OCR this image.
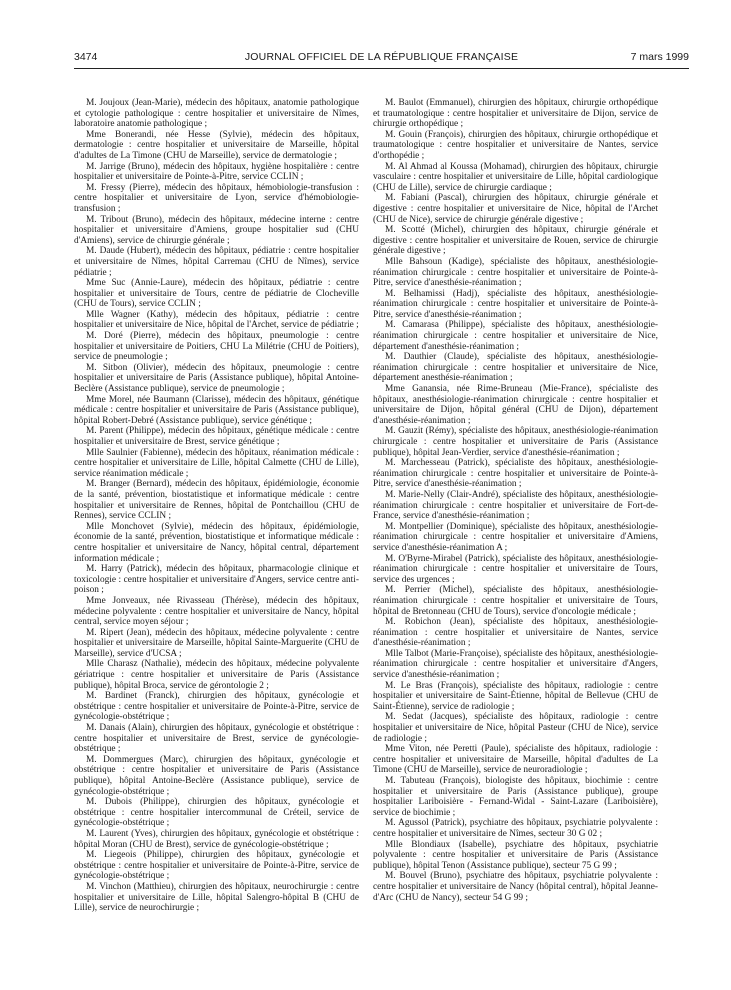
3474	JOURNAL OFFICIEL DE LA RÉPUBLIQUE FRANÇAISE	7 mars 1999

M. Joujoux (Jean-Marie), médecin des hôpitaux, anatomie pathologique et cytologie pathologique : centre hospitalier et universitaire de Nîmes, laboratoire anatomie pathologique ;

Mme Bonerandi, née Hesse (Sylvie), médecin des hôpitaux, dermatologie : centre hospitalier et universitaire de Marseille, hôpital d'adultes de La Timone (CHU de Marseille), service de dermatologie ;

M. Jarrige (Bruno), médecin des hôpitaux, hygiène hospitalière : centre hospitalier et universitaire de Pointe-à-Pitre, service CCLIN ;

M. Fressy (Pierre), médecin des hôpitaux, hémobiologie-transfusion : centre hospitalier et universitaire de Lyon, service d'hémobiologie-transfusion ;

M. Tribout (Bruno), médecin des hôpitaux, médecine interne : centre hospitalier et universitaire d'Amiens, groupe hospitalier sud (CHU d'Amiens), service de chirurgie générale ;

M. Daude (Hubert), médecin des hôpitaux, pédiatrie : centre hospitalier et universitaire de Nîmes, hôpital Carremau (CHU de Nîmes), service pédiatrie ;

Mme Suc (Annie-Laure), médecin des hôpitaux, pédiatrie : centre hospitalier et universitaire de Tours, centre de pédiatrie de Clocheville (CHU de Tours), service CCLIN ;

Mlle Wagner (Kathy), médecin des hôpitaux, pédiatrie : centre hospitalier et universitaire de Nice, hôpital de l'Archet, service de pédiatrie ;

M. Doré (Pierre), médecin des hôpitaux, pneumologie : centre hospitalier et universitaire de Poitiers, CHU La Milétrie (CHU de Poitiers), service de pneumologie ;

M. Sitbon (Olivier), médecin des hôpitaux, pneumologie : centre hospitalier et universitaire de Paris (Assistance publique), hôpital Antoine-Beclère (Assistance publique), service de pneumologie ;

Mme Morel, née Baumann (Clarisse), médecin des hôpitaux, génétique médicale : centre hospitalier et universitaire de Paris (Assistance publique), hôpital Robert-Debré (Assistance publique), service génétique ;

M. Parent (Philippe), médecin des hôpitaux, génétique médicale : centre hospitalier et universitaire de Brest, service génétique ;

Mlle Saulnier (Fabienne), médecin des hôpitaux, réanimation médicale : centre hospitalier et universitaire de Lille, hôpital Calmette (CHU de Lille), service réanimation médicale ;

M. Branger (Bernard), médecin des hôpitaux, épidémiologie, économie de la santé, prévention, biostatistique et informatique médicale : centre hospitalier et universitaire de Rennes, hôpital de Pontchaillou (CHU de Rennes), service CCLIN ;

Mlle Monchovet (Sylvie), médecin des hôpitaux, épidémiologie, économie de la santé, prévention, biostatistique et informatique médicale : centre hospitalier et universitaire de Nancy, hôpital central, département information médicale ;

M. Harry (Patrick), médecin des hôpitaux, pharmacologie clinique et toxicologie : centre hospitalier et universitaire d'Angers, service centre anti-poison ;

Mme Jonveaux, née Rivasseau (Thérèse), médecin des hôpitaux, médecine polyvalente : centre hospitalier et universitaire de Nancy, hôpital central, service moyen séjour ;

M. Ripert (Jean), médecin des hôpitaux, médecine polyvalente : centre hospitalier et universitaire de Marseille, hôpital Sainte-Marguerite (CHU de Marseille), service d'UCSA ;

Mlle Charasz (Nathalie), médecin des hôpitaux, médecine polyvalente gériatrique : centre hospitalier et universitaire de Paris (Assistance publique), hôpital Broca, service de gérontologie 2 ;

M. Bardinet (Franck), chirurgien des hôpitaux, gynécologie et obstétrique : centre hospitalier et universitaire de Pointe-à-Pitre, service de gynécologie-obstétrique ;

M. Danais (Alain), chirurgien des hôpitaux, gynécologie et obstétrique : centre hospitalier et universitaire de Brest, service de gynécologie-obstétrique ;

M. Dommergues (Marc), chirurgien des hôpitaux, gynécologie et obstétrique : centre hospitalier et universitaire de Paris (Assistance publique), hôpital Antoine-Beclère (Assistance publique), service de gynécologie-obstétrique ;

M. Dubois (Philippe), chirurgien des hôpitaux, gynécologie et obstétrique : centre hospitalier intercommunal de Créteil, service de gynécologie-obstétrique ;

M. Laurent (Yves), chirurgien des hôpitaux, gynécologie et obstétrique : hôpital Moran (CHU de Brest), service de gynécologie-obstétrique ;

M. Liegeois (Philippe), chirurgien des hôpitaux, gynécologie et obstétrique : centre hospitalier et universitaire de Pointe-à-Pitre, service de gynécologie-obstétrique ;

M. Vinchon (Matthieu), chirurgien des hôpitaux, neurochirurgie : centre hospitalier et universitaire de Lille, hôpital Salengro-hôpital B (CHU de Lille), service de neurochirurgie ;

M. Baulot (Emmanuel), chirurgien des hôpitaux, chirurgie orthopédique et traumatologique : centre hospitalier et universitaire de Dijon, service de chirurgie orthopédique ;

M. Gouin (François), chirurgien des hôpitaux, chirurgie orthopédique et traumatologique : centre hospitalier et universitaire de Nantes, service d'orthopédie ;

M. Al Ahmad al Koussa (Mohamad), chirurgien des hôpitaux, chirurgie vasculaire : centre hospitalier et universitaire de Lille, hôpital cardiologique (CHU de Lille), service de chirurgie cardiaque ;

M. Fabiani (Pascal), chirurgien des hôpitaux, chirurgie générale et digestive : centre hospitalier et universitaire de Nice, hôpital de l'Archet (CHU de Nice), service de chirurgie générale digestive ;

M. Scotté (Michel), chirurgien des hôpitaux, chirurgie générale et digestive : centre hospitalier et universitaire de Rouen, service de chirurgie générale digestive ;

Mlle Bahsoun (Kadige), spécialiste des hôpitaux, anesthésiologie-réanimation chirurgicale : centre hospitalier et universitaire de Pointe-à-Pitre, service d'anesthésie-réanimation ;

M. Belhamissi (Hadj), spécialiste des hôpitaux, anesthésiologie-réanimation chirurgicale : centre hospitalier et universitaire de Pointe-à-Pitre, service d'anesthésie-réanimation ;

M. Camarasa (Philippe), spécialiste des hôpitaux, anesthésiologie-réanimation chirurgicale : centre hospitalier et universitaire de Nice, département d'anesthésie-réanimation ;

M. Dauthier (Claude), spécialiste des hôpitaux, anesthésiologie-réanimation chirurgicale : centre hospitalier et universitaire de Nice, département anesthésie-réanimation ;

Mme Ganansia, née Rime-Bruneau (Mie-France), spécialiste des hôpitaux, anesthésiologie-réanimation chirurgicale : centre hospitalier et universitaire de Dijon, hôpital général (CHU de Dijon), département d'anesthésie-réanimation ;

M. Gauzit (Rémy), spécialiste des hôpitaux, anesthésiologie-réanimation chirurgicale : centre hospitalier et universitaire de Paris (Assistance publique), hôpital Jean-Verdier, service d'anesthésie-réanimation ;

M. Marchesseau (Patrick), spécialiste des hôpitaux, anesthésiologie-réanimation chirurgicale : centre hospitalier et universitaire de Pointe-à-Pitre, service d'anesthésie-réanimation ;

M. Marie-Nelly (Clair-André), spécialiste des hôpitaux, anesthésiologie-réanimation chirurgicale : centre hospitalier et universitaire de Fort-de-France, service d'anesthésie-réanimation ;

M. Montpellier (Dominique), spécialiste des hôpitaux, anesthésiologie-réanimation chirurgicale : centre hospitalier et universitaire d'Amiens, service d'anesthésie-réanimation A ;

M. O'Byrne-Mirabel (Patrick), spécialiste des hôpitaux, anesthésiologie-réanimation chirurgicale : centre hospitalier et universitaire de Tours, service des urgences ;

M. Perrier (Michel), spécialiste des hôpitaux, anesthésiologie-réanimation chirurgicale : centre hospitalier et universitaire de Tours, hôpital de Bretonneau (CHU de Tours), service d'oncologie médicale ;

M. Robichon (Jean), spécialiste des hôpitaux, anesthésiologie-réanimation : centre hospitalier et universitaire de Nantes, service d'anesthésie-réanimation ;

Mlle Talbot (Marie-Françoise), spécialiste des hôpitaux, anesthésiologie-réanimation chirurgicale : centre hospitalier et universitaire d'Angers, service d'anesthésie-réanimation ;

M. Le Bras (François), spécialiste des hôpitaux, radiologie : centre hospitalier et universitaire de Saint-Étienne, hôpital de Bellevue (CHU de Saint-Étienne), service de radiologie ;

M. Sedat (Jacques), spécialiste des hôpitaux, radiologie : centre hospitalier et universitaire de Nice, hôpital Pasteur (CHU de Nice), service de radiologie ;

Mme Viton, née Peretti (Paule), spécialiste des hôpitaux, radiologie : centre hospitalier et universitaire de Marseille, hôpital d'adultes de La Timone (CHU de Marseille), service de neuroradiologie ;

M. Tabuteau (François), biologiste des hôpitaux, biochimie : centre hospitalier et universitaire de Paris (Assistance publique), groupe hospitalier Lariboisière - Fernand-Widal - Saint-Lazare (Lariboisière), service de biochimie ;

M. Agussol (Patrick), psychiatre des hôpitaux, psychiatrie polyvalente : centre hospitalier et universitaire de Nîmes, secteur 30 G 02 ;

Mlle Blondiaux (Isabelle), psychiatre des hôpitaux, psychiatrie polyvalente : centre hospitalier et universitaire de Paris (Assistance publique), hôpital Tenon (Assistance publique), secteur 75 G 99 ;

M. Bouvel (Bruno), psychiatre des hôpitaux, psychiatrie polyvalente : centre hospitalier et universitaire de Nancy (hôpital central), hôpital Jeanne-d'Arc (CHU de Nancy), secteur 54 G 99 ;
